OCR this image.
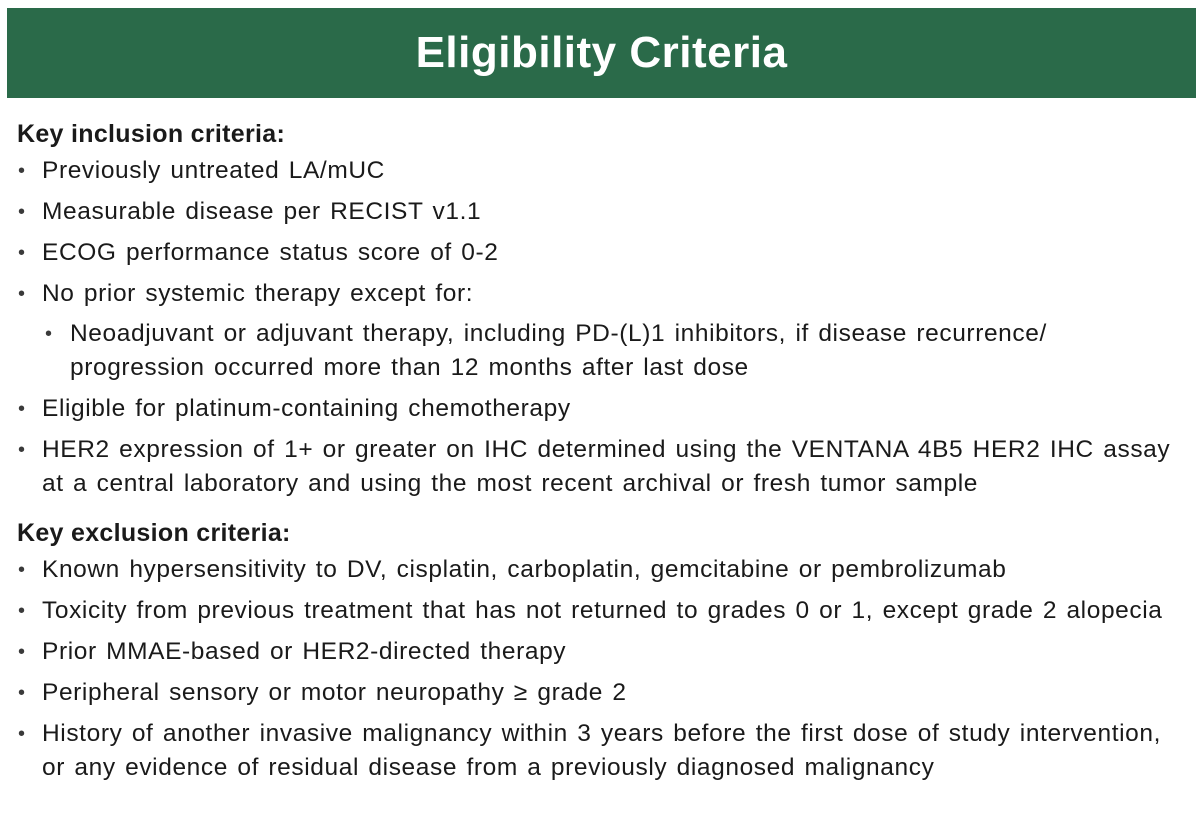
Eligibility Criteria
Key inclusion criteria:
• Previously untreated LA/mUC
• Measurable disease per RECIST v1.1
• ECOG performance status score of 0-2
• No prior systemic therapy except for:
• Neoadjuvant or adjuvant therapy, including PD-(L)1 inhibitors, if disease recurrence/ progression occurred more than 12 months after last dose
• Eligible for platinum-containing chemotherapy
• HER2 expression of 1+ or greater on IHC determined using the VENTANA 4B5 HER2 IHC assay at a central laboratory and using the most recent archival or fresh tumor sample
Key exclusion criteria:
• Known hypersensitivity to DV, cisplatin, carboplatin, gemcitabine or pembrolizumab
• Toxicity from previous treatment that has not returned to grades 0 or 1, except grade 2 alopecia
• Prior MMAE-based or HER2-directed therapy
• Peripheral sensory or motor neuropathy ≥ grade 2
• History of another invasive malignancy within 3 years before the first dose of study intervention, or any evidence of residual disease from a previously diagnosed malignancy
